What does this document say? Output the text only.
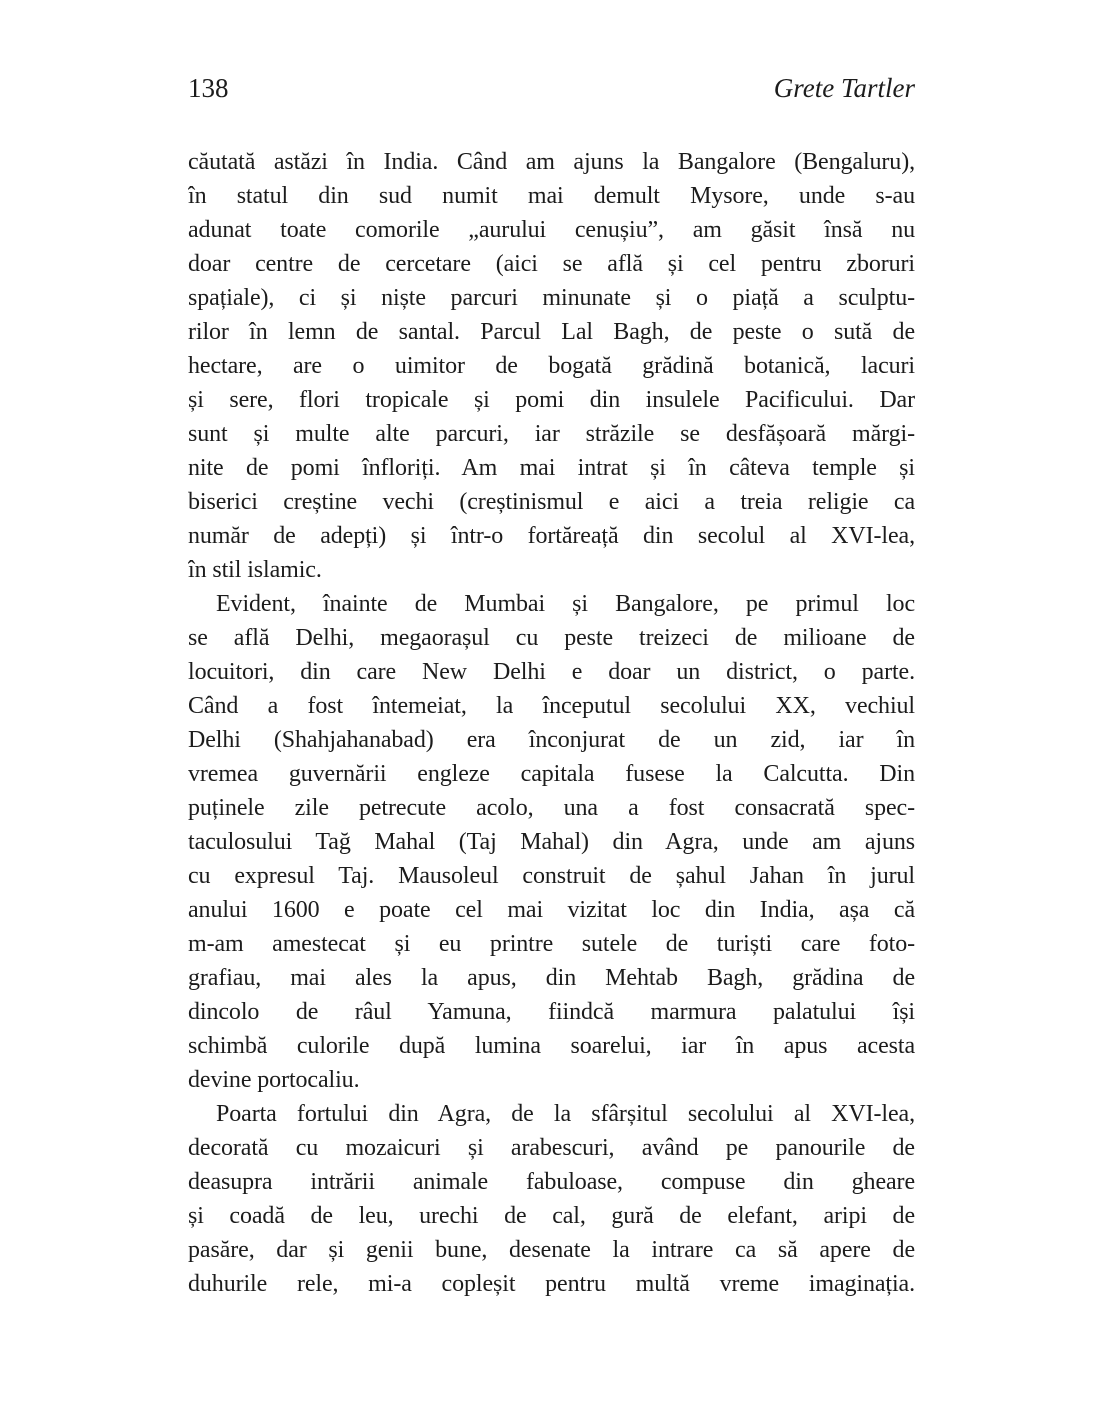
138	Grete Tartler
căutată astăzi în India. Când am ajuns la Bangalore (Bengaluru),
în statul din sud numit mai demult Mysore, unde s-au
adunat toate comorile „aurului cenușiu”, am găsit însă nu
doar centre de cercetare (aici se află și cel pentru zboruri
spațiale), ci și niște parcuri minunate și o piață a sculptu-
rilor în lemn de santal. Parcul Lal Bagh, de peste o sută de
hectare, are o uimitor de bogată grădină botanică, lacuri
și sere, flori tropicale și pomi din insulele Pacificului. Dar
sunt și multe alte parcuri, iar străzile se desfășoară mărgi-
nite de pomi înfloriți. Am mai intrat și în câteva temple și
biserici creștine vechi (creștinismul e aici a treia religie ca
număr de adepți) și într-o fortăreață din secolul al XVI-lea,
în stil islamic.
Evident, înainte de Mumbai și Bangalore, pe primul loc
se află Delhi, megaorașul cu peste treizeci de milioane de
locuitori, din care New Delhi e doar un district, o parte.
Când a fost întemeiat, la începutul secolului XX, vechiul
Delhi (Shahjahanabad) era înconjurat de un zid, iar în
vremea guvernării engleze capitala fusese la Calcutta. Din
puținele zile petrecute acolo, una a fost consacrată spec-
taculosului Tağ Mahal (Taj Mahal) din Agra, unde am ajuns
cu expresul Taj. Mausoleul construit de șahul Jahan în jurul
anului 1600 e poate cel mai vizitat loc din India, așa că
m-am amestecat și eu printre sutele de turiști care foto-
grafiau, mai ales la apus, din Mehtab Bagh, grădina de
dincolo de râul Yamuna, fiindcă marmura palatului își
schimbă culorile după lumina soarelui, iar în apus acesta
devine portocaliu.
Poarta fortului din Agra, de la sfârșitul secolului al XVI-lea,
decorată cu mozaicuri și arabescuri, având pe panourile de
deasupra intrării animale fabuloase, compuse din gheare
și coadă de leu, urechi de cal, gură de elefant, aripi de
pasăre, dar și genii bune, desenate la intrare ca să apere de
duhurile rele, mi-a copleșit pentru multă vreme imaginația.
